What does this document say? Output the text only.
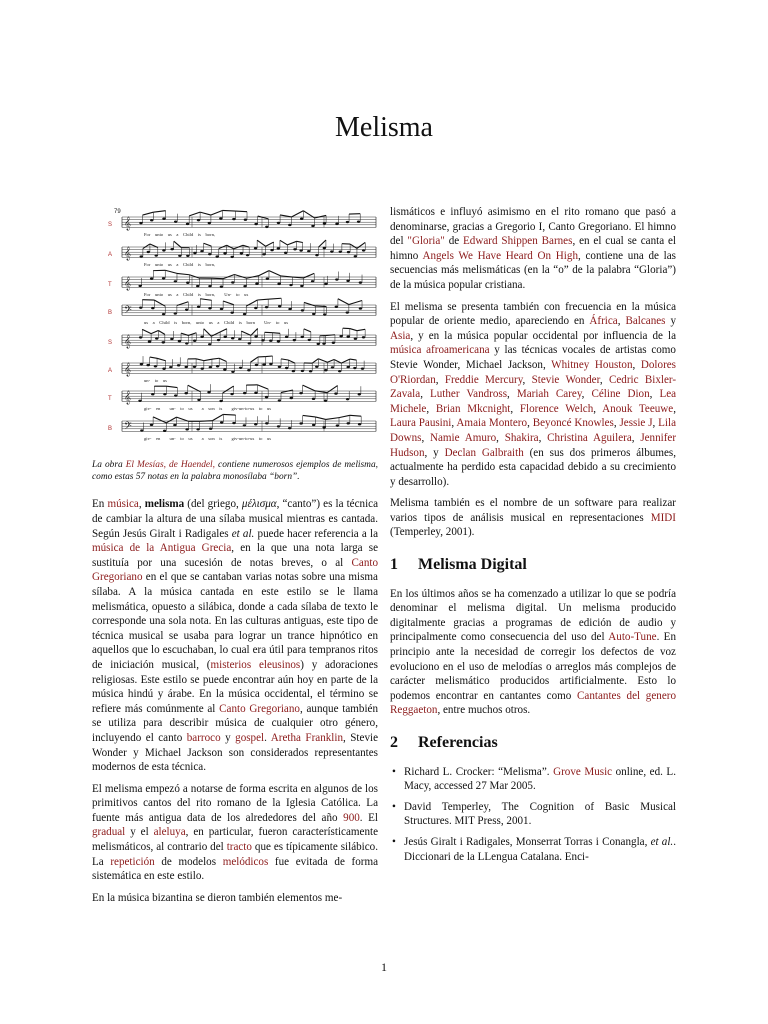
Melisma
79
S 𝄞
For    unto    us    a    Child    is    born,
A 𝄞
For    unto    us    a    Child    is    born,
T 𝄞
For    unto    us    a    Child    is    born,        Un-    to    us
B 𝄢
us    a    Child    is    born,    unto    us    a    Child    is    born        Un-    to    us
S 𝄞
A 𝄞
un-    to    us
T 𝄞
giv-    en        un-    to    us        a    son    is        giv-un-to-us    to    us
B 𝄢
giv-    en        un-    to    us        a    son    is        giv-un-to-us    to    us
La obra El Mesías, de Haendel, contiene numerosos ejemplos de melisma, como estas 57 notas en la palabra monosílaba “born”.

En música, melisma (del griego, μέλισμα, “canto”) es la técnica de cambiar la altura de una sílaba musical mientras es cantada. Según Jesús Giralt i Radigales et al. puede hacer referencia a la música de la Antigua Grecia, en la que una nota larga se sustituía por una sucesión de notas breves, o al Canto Gregoriano en el que se cantaban varias notas sobre una misma sílaba. A la música cantada en este estilo se le llama melismática, opuesto a silábica, donde a cada sílaba de texto le corresponde una sola nota. En las culturas antiguas, este tipo de técnica musical se usaba para lograr un trance hipnótico en aquellos que lo escuchaban, lo cual era útil para tempranos ritos de iniciación musical, (misterios eleusinos) y adoraciones religiosas. Este estilo se puede encontrar aún hoy en parte de la música hindú y árabe. En la música occidental, el término se refiere más comúnmente al Canto Gregoriano, aunque también se utiliza para describir música de cualquier otro género, incluyendo el canto barroco y gospel. Aretha Franklin, Stevie Wonder y Michael Jackson son considerados representantes modernos de esta técnica.

El melisma empezó a notarse de forma escrita en algunos de los primitivos cantos del rito romano de la Iglesia Católica. La fuente más antigua data de los alrededores del año 900. El gradual y el aleluya, en particular, fueron característicamente melismáticos, al contrario del tracto que es típicamente silábico. La repetición de modelos melódicos fue evitada de forma sistemática en este estilo.

En la música bizantina se dieron también elementos me-

lismáticos e influyó asimismo en el rito romano que pasó a denominarse, gracias a Gregorio I, Canto Gregoriano. El himno del "Gloria" de Edward Shippen Barnes, en el cual se canta el himno Angels We Have Heard On High, contiene una de las secuencias más melismáticas (en la “o” de la palabra “Gloria”) de la música popular cristiana.

El melisma se presenta también con frecuencia en la música popular de oriente medio, apareciendo en África, Balcanes y Asia, y en la música popular occidental por influencia de la música afroamericana y las técnicas vocales de artistas como Stevie Wonder, Michael Jackson, Whitney Houston, Dolores O'Riordan, Freddie Mercury, Stevie Wonder, Cedric Bixler-Zavala, Luther Vandross, Mariah Carey, Céline Dion, Lea Michele, Brian Mkcnight, Florence Welch, Anouk Teeuwe, Laura Pausini, Amaia Montero, Beyoncé Knowles, Jessie J, Lila Downs, Namie Amuro, Shakira, Christina Aguilera, Jennifer Hudson, y Declan Galbraith (en sus dos primeros álbumes, actualmente ha perdido esta capacidad debido a su crecimiento y desarrollo).

Melisma también es el nombre de un software para realizar varios tipos de análisis musical en representaciones MIDI (Temperley, 2001).

1 Melisma Digital

En los últimos años se ha comenzado a utilizar lo que se podría denominar el melisma digital. Un melisma producido digitalmente gracias a programas de edición de audio y principalmente como consecuencia del uso del Auto-Tune. En principio ante la necesidad de corregir los defectos de voz evoluciono en el uso de melodías o arreglos más complejos de carácter melismático producidos artificialmente. Esto lo podemos encontrar en cantantes como Cantantes del genero Reggaeton, entre muchos otros.

2 Referencias
• Richard L. Crocker: “Melisma”. Grove Music online, ed. L. Macy, accessed 27 Mar 2005.
• David Temperley, The Cognition of Basic Musical Structures. MIT Press, 2001.
• Jesús Giralt i Radigales, Monserrat Torras i Conangla, et al.. Diccionari de la LLengua Catalana. Enci-
1
